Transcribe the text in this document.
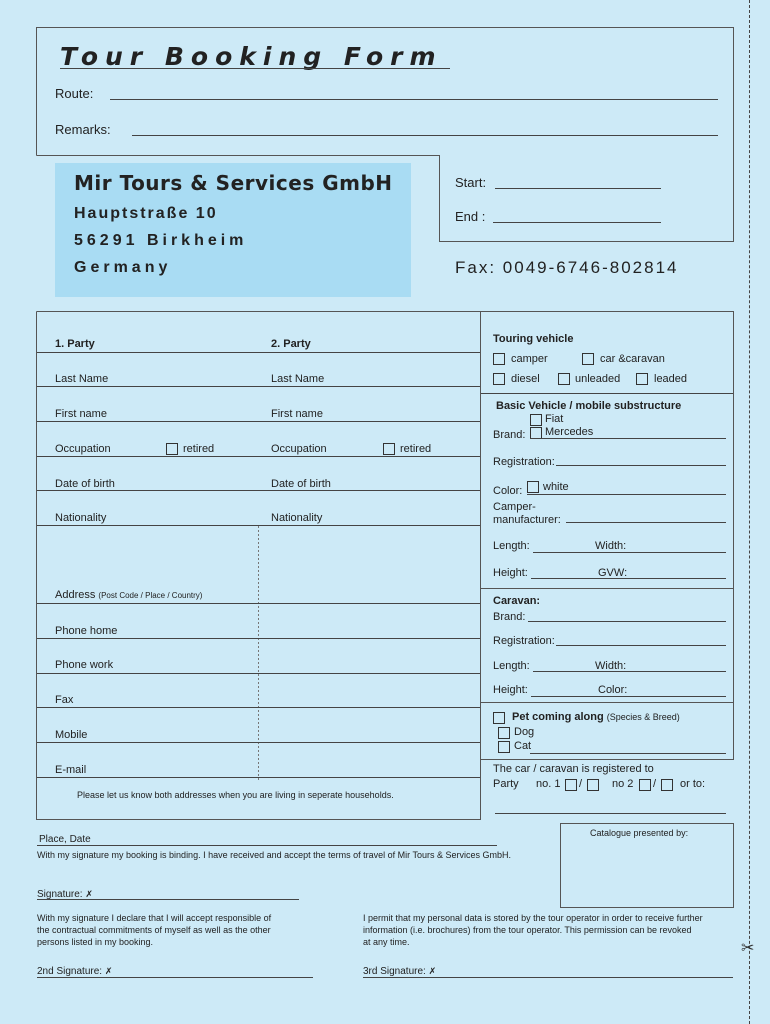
✂
Tour Booking Form
Route:
Remarks:
Start:
End :
Mir Tours & Services GmbH
Hauptstraße 10
56291 Birkheim
Germany	Fax: 0049-6746-802814
1. Party	2. Party
Last Name	Last Name
First name	First name
Occupation	retired	Occupation	retired
Date of birth	Date of birth
Nationality	Nationality
Address (Post Code / Place / Country)
Phone home
Phone work
Fax
Mobile
E-mail
Please let us know both addresses when you are living in seperate households.
Touring vehicle
camper	car &caravan
diesel	unleaded	leaded
Basic Vehicle / mobile substructure
Fiat
Brand: Mercedes
Registration:
Color: white
Camper-
manufacturer:
Length:	Width:
Height:	GVW:
Caravan:
Brand:
Registration:
Length:	Width:
Height:	Color:
Pet coming along (Species & Breed)
Dog
Cat
The car / caravan is registered to
Party no. 1 /	no 2 / or to:
Place, Date
Catalogue presented by:
With my signature my booking is binding. I have received and accept the terms of travel of Mir Tours & Services GmbH.
Signature: ✗
With my signature I declare that I will accept responsible of
the contractual commitments of myself as well as the other
persons listed in my booking.
I permit that my personal data is stored by the tour operator in order to receive further
information (i.e. brochures) from the tour operator. This permission can be revoked
at any time.
2nd Signature: ✗	3rd Signature: ✗
